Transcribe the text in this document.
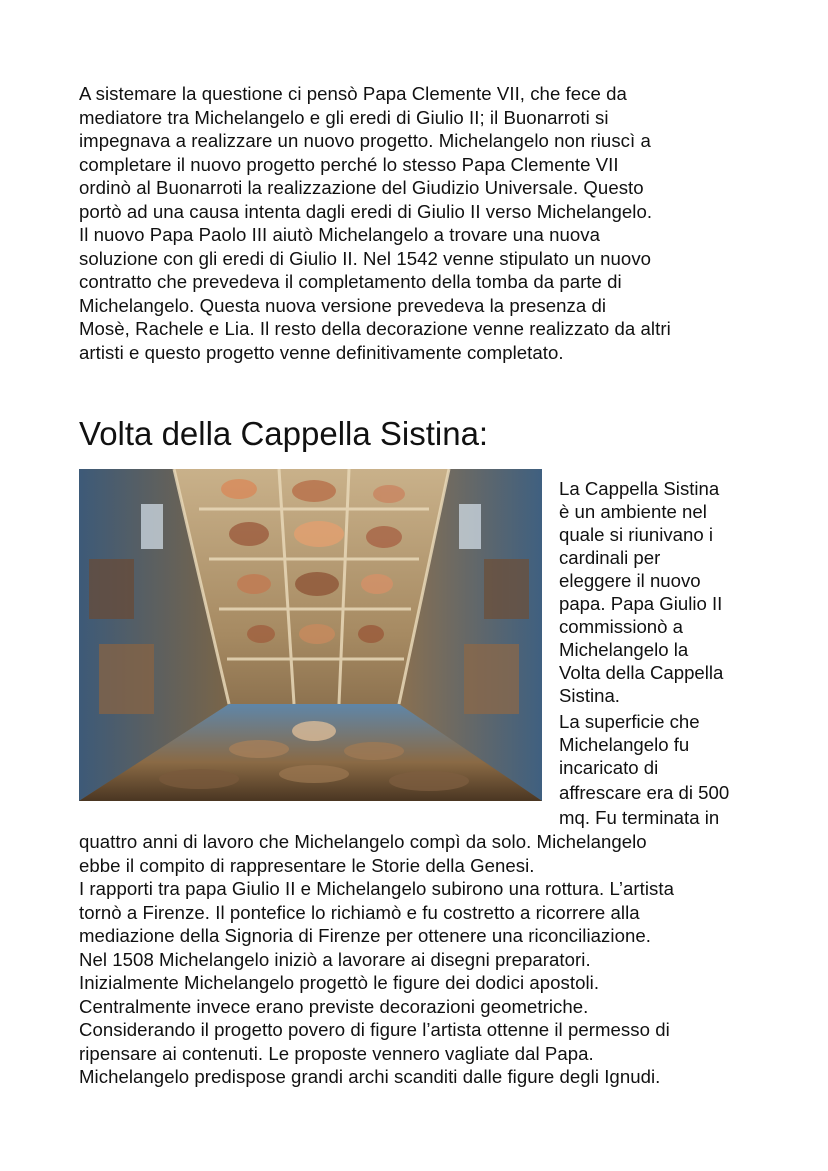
A sistemare la questione ci pensò Papa Clemente VII, che fece da
mediatore tra Michelangelo e gli eredi di Giulio II; il Buonarroti si
impegnava a realizzare un nuovo progetto. Michelangelo non riuscì a
completare il nuovo progetto perché lo stesso Papa Clemente VII
ordinò al Buonarroti la realizzazione del Giudizio Universale. Questo
portò ad una causa intenta dagli eredi di Giulio II verso Michelangelo.
Il nuovo Papa Paolo III aiutò Michelangelo a trovare una nuova
soluzione con gli eredi di Giulio II. Nel 1542 venne stipulato un nuovo
contratto che prevedeva il completamento della tomba da parte di
Michelangelo. Questa nuova versione prevedeva la presenza di
Mosè, Rachele e Lia. Il resto della decorazione venne realizzato da altri
artisti e questo progetto venne definitivamente completato.
Volta della Cappella Sistina:
La Cappella Sistina
è un ambiente nel
quale si riunivano i
cardinali per
eleggere il nuovo
papa. Papa Giulio II
commissionò a
Michelangelo la
Volta della Cappella
Sistina.
La superficie che
Michelangelo fu
incaricato di
affrescare era di 500
mq. Fu terminata in
quattro anni di lavoro che Michelangelo compì da solo. Michelangelo
ebbe il compito di rappresentare le Storie della Genesi.
I rapporti tra papa Giulio II e Michelangelo subirono una rottura. L’artista
tornò a Firenze. Il pontefice lo richiamò e fu costretto a ricorrere alla
mediazione della Signoria di Firenze per ottenere una riconciliazione.
Nel 1508 Michelangelo iniziò a lavorare ai disegni preparatori.
Inizialmente Michelangelo progettò le figure dei dodici apostoli.
Centralmente invece erano previste decorazioni geometriche.
Considerando il progetto povero di figure l’artista ottenne il permesso di
ripensare ai contenuti. Le proposte vennero vagliate dal Papa.
Michelangelo predispose grandi archi scanditi dalle figure degli Ignudi.
